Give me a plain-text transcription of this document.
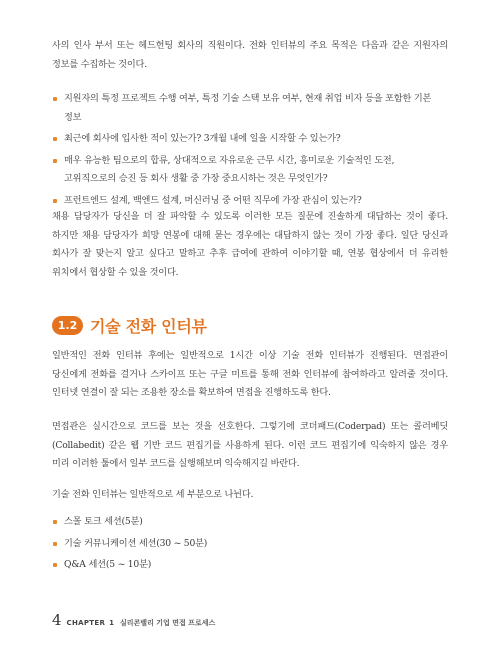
사의 인사 부서 또는 헤드헌팅 회사의 직원이다. 전화 인터뷰의 주요 목적은 다음과 같은 지원자의 정보를 수집하는 것이다.

지원자의 특정 프로젝트 수행 여부, 특정 기술 스택 보유 여부, 현재 취업 비자 등을 포함한 기본 정보
최근에 회사에 입사한 적이 있는가? 3개월 내에 일을 시작할 수 있는가?
매우 유능한 팀으로의 합류, 상대적으로 자유로운 근무 시간, 흥미로운 기술적인 도전, 고위직으로의 승진 등 회사 생활 중 가장 중요시하는 것은 무엇인가?
프런트엔드 설계, 백엔드 설계, 머신러닝 중 어떤 직무에 가장 관심이 있는가?

채용 담당자가 당신을 더 잘 파악할 수 있도록 이러한 모든 질문에 진솔하게 대답하는 것이 좋다. 하지만 채용 담당자가 희망 연봉에 대해 묻는 경우에는 대답하지 않는 것이 가장 좋다. 일단 당신과 회사가 잘 맞는지 알고 싶다고 말하고 추후 급여에 관하여 이야기할 때, 연봉 협상에서 더 유리한 위치에서 협상할 수 있을 것이다.

1.2 기술 전화 인터뷰

일반적인 전화 인터뷰 후에는 일반적으로 1시간 이상 기술 전화 인터뷰가 진행된다. 면접관이 당신에게 전화를 걸거나 스카이프 또는 구글 미트를 통해 전화 인터뷰에 참여하라고 알려줄 것이다. 인터넷 연결이 잘 되는 조용한 장소를 확보하여 면접을 진행하도록 한다.

면접관은 실시간으로 코드를 보는 것을 선호한다. 그렇기에 코더패드(Coderpad) 또는 콜러베딧(Collabedit) 같은 웹 기반 코드 편집기를 사용하게 된다. 이런 코드 편집기에 익숙하지 않은 경우 미리 이러한 툴에서 일부 코드를 실행해보며 익숙해지길 바란다.

기술 전화 인터뷰는 일반적으로 세 부분으로 나뉜다.

스몰 토크 세션(5분)
기술 커뮤니케이션 세션(30 ~ 50분)
Q&A 세션(5 ~ 10분)
4 CHAPTER 1 실리콘밸리 기업 면접 프로세스
